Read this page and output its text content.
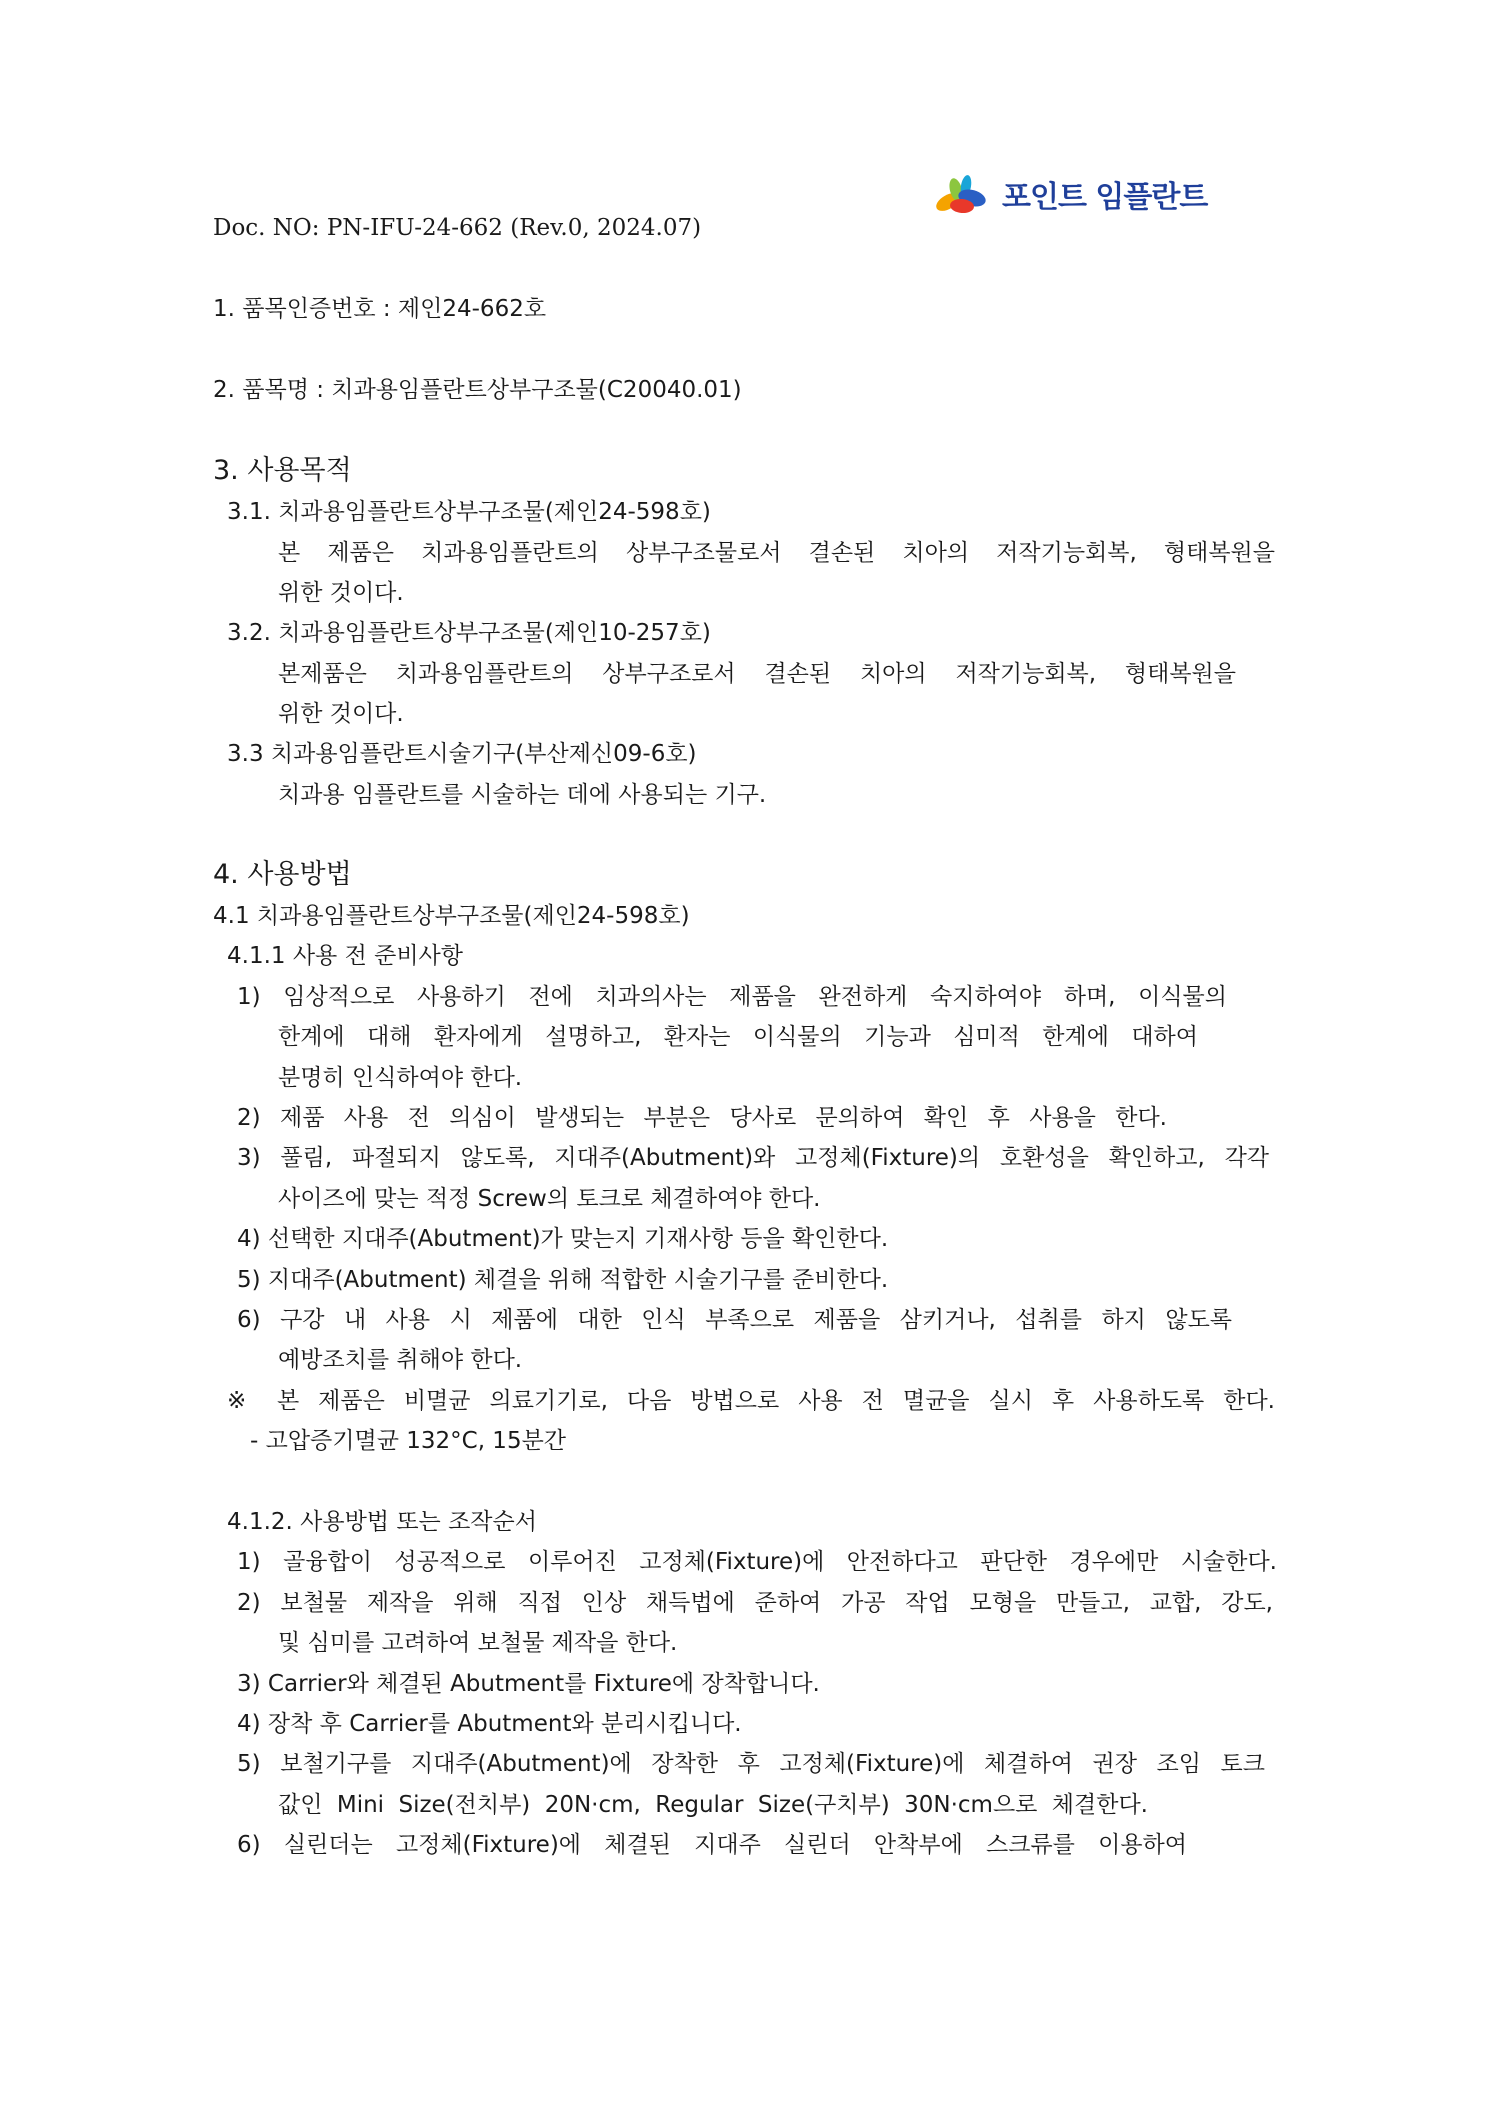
포인트 임플란트
Doc. NO: PN-IFU-24-662 (Rev.0, 2024.07)
1. 품목인증번호 : 제인24-662호
2. 품목명 : 치과용임플란트상부구조물(C20040.01)
3. 사용목적
3.1. 치과용임플란트상부구조물(제인24-598호)
본 제품은 치과용임플란트의 상부구조물로서 결손된 치아의 저작기능회복, 형태복원을
위한 것이다.
3.2. 치과용임플란트상부구조물(제인10-257호)
본제품은 치과용임플란트의 상부구조로서 결손된 치아의 저작기능회복, 형태복원을
위한 것이다.
3.3 치과용임플란트시술기구(부산제신09-6호)
치과용 임플란트를 시술하는 데에 사용되는 기구.
4. 사용방법
4.1 치과용임플란트상부구조물(제인24-598호)
4.1.1 사용 전 준비사항
1) 임상적으로 사용하기 전에 치과의사는 제품을 완전하게 숙지하여야 하며, 이식물의
한계에 대해 환자에게 설명하고, 환자는 이식물의 기능과 심미적 한계에 대하여
분명히 인식하여야 한다.
2) 제품 사용 전 의심이 발생되는 부분은 당사로 문의하여 확인 후 사용을 한다.
3) 풀림, 파절되지 않도록, 지대주(Abutment)와 고정체(Fixture)의 호환성을 확인하고, 각각
사이즈에 맞는 적정 Screw의 토크로 체결하여야 한다.
4) 선택한 지대주(Abutment)가 맞는지 기재사항 등을 확인한다.
5) 지대주(Abutment) 체결을 위해 적합한 시술기구를 준비한다.
6) 구강 내 사용 시 제품에 대한 인식 부족으로 제품을 삼키거나, 섭취를 하지 않도록
예방조치를 취해야 한다.
※ 본 제품은 비멸균 의료기기로, 다음 방법으로 사용 전 멸균을 실시 후 사용하도록 한다.
- 고압증기멸균 132°C, 15분간
4.1.2. 사용방법 또는 조작순서
1) 골융합이 성공적으로 이루어진 고정체(Fixture)에 안전하다고 판단한 경우에만 시술한다.
2) 보철물 제작을 위해 직접 인상 채득법에 준하여 가공 작업 모형을 만들고, 교합, 강도,
및 심미를 고려하여 보철물 제작을 한다.
3) Carrier와 체결된 Abutment를 Fixture에 장착합니다.
4) 장착 후 Carrier를 Abutment와 분리시킵니다.
5) 보철기구를 지대주(Abutment)에 장착한 후 고정체(Fixture)에 체결하여 권장 조임 토크
값인 Mini Size(전치부) 20N·cm, Regular Size(구치부) 30N·cm으로 체결한다.
6) 실린더는 고정체(Fixture)에 체결된 지대주 실린더 안착부에 스크류를 이용하여
